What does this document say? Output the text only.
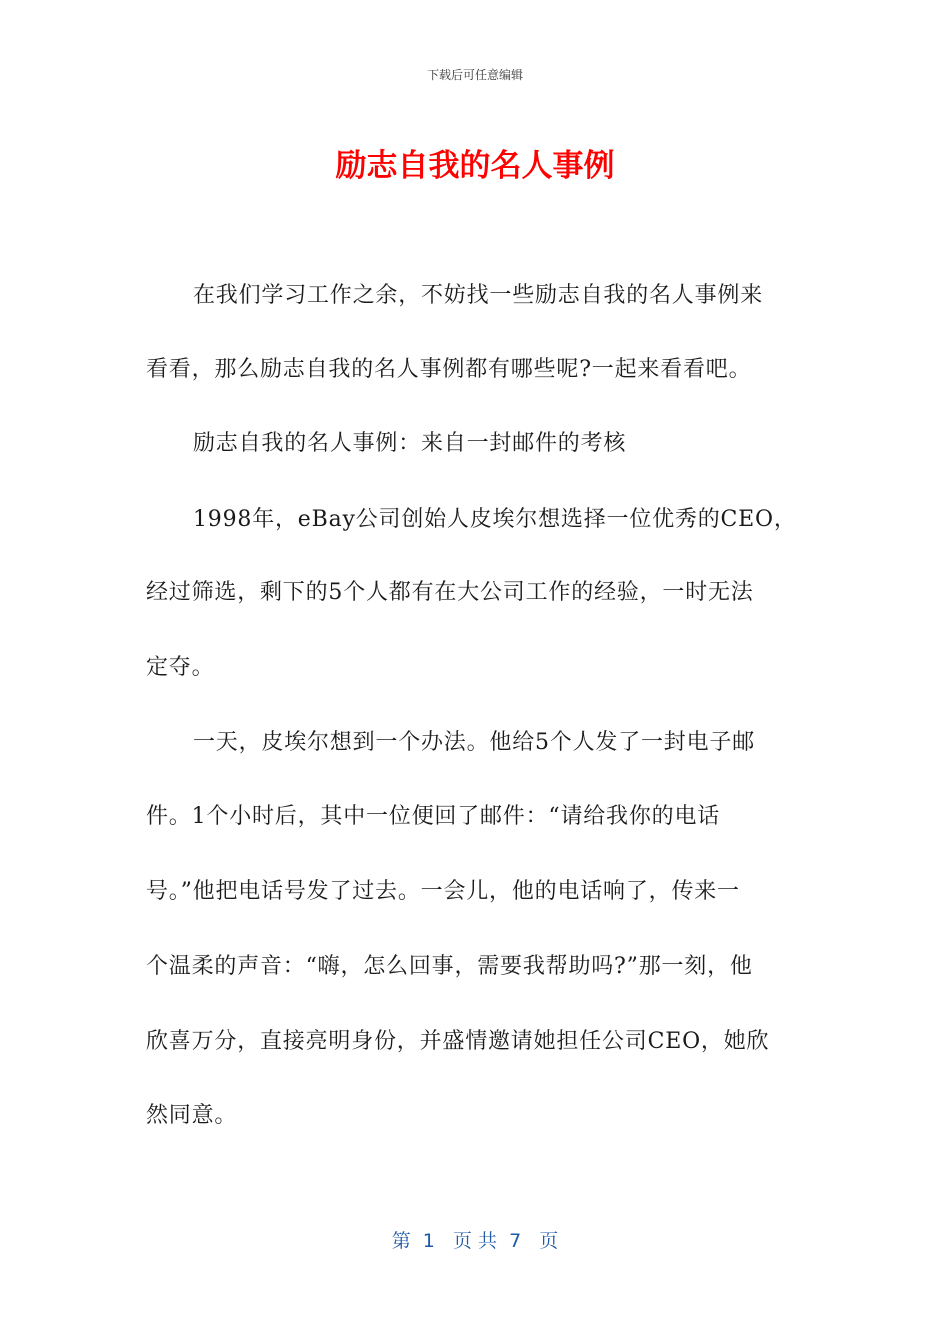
下载后可任意编辑
励志自我的名人事例
在我们学习工作之余，不妨找一些励志自我的名人事例来
看看，那么励志自我的名人事例都有哪些呢?一起来看看吧。
励志自我的名人事例：来自一封邮件的考核
1998年，eBay公司创始人皮埃尔想选择一位优秀的CEO，
经过筛选，剩下的5个人都有在大公司工作的经验，一时无法
定夺。
一天，皮埃尔想到一个办法。他给5个人发了一封电子邮
件。1个小时后，其中一位便回了邮件：“请给我你的电话
号。”他把电话号发了过去。一会儿，他的电话响了，传来一
个温柔的声音：“嗨，怎么回事，需要我帮助吗?”那一刻，他
欣喜万分，直接亮明身份，并盛情邀请她担任公司CEO，她欣
然同意。
第  1   页 共  7   页
